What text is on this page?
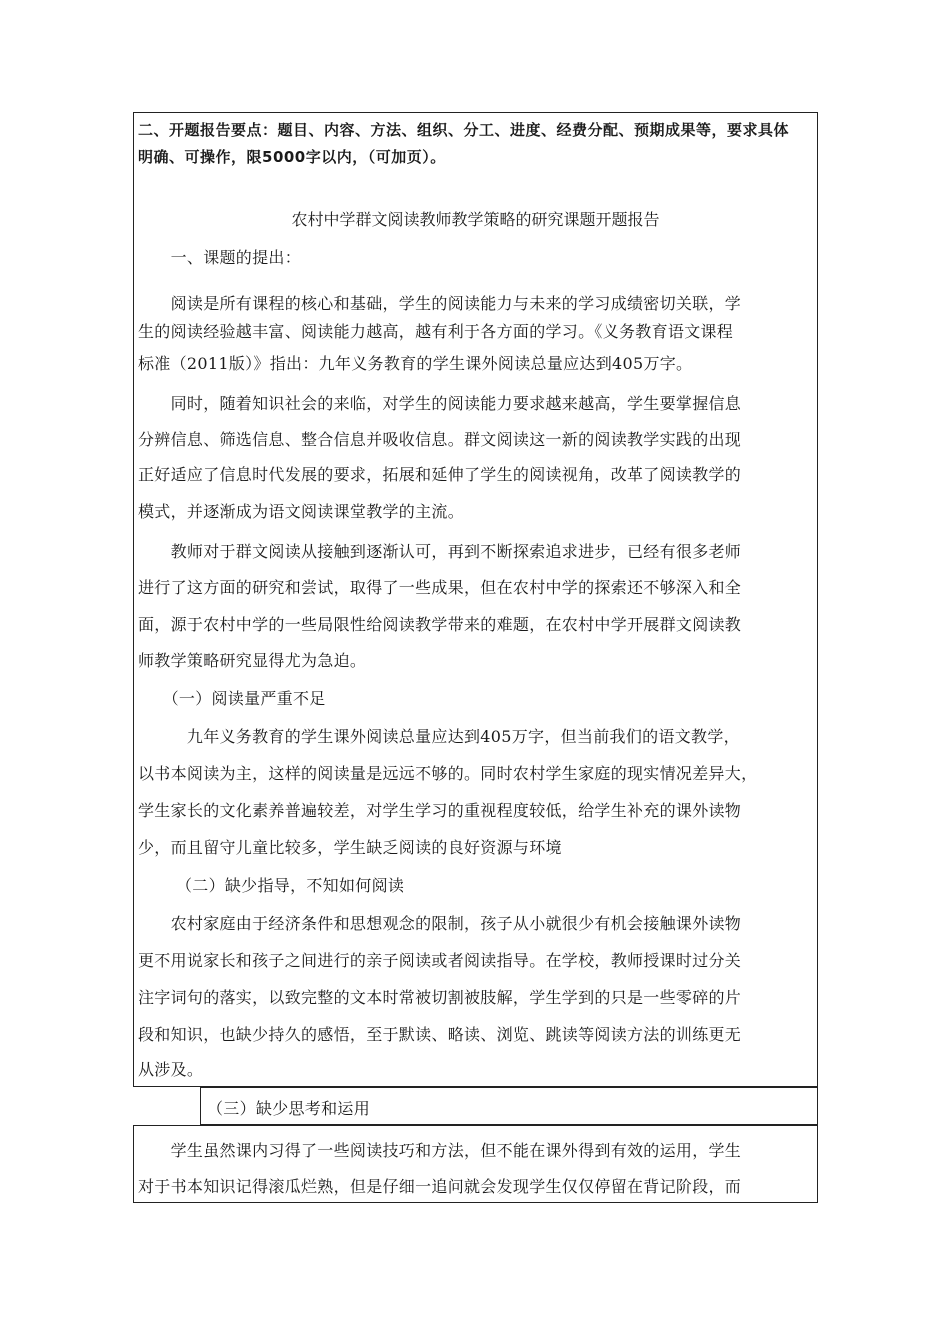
二、开题报告要点：题目、内容、方法、组织、分工、进度、经费分配、预期成果等，要求具体
明确、可操作，限5000字以内，（可加页）。
农村中学群文阅读教师教学策略的研究课题开题报告
　　一、课题的提出：
　　阅读是所有课程的核心和基础，学生的阅读能力与未来的学习成绩密切关联，学
生的阅读经验越丰富、阅读能力越高，越有利于各方面的学习。《义务教育语文课程
标准（2011版）》指出：九年义务教育的学生课外阅读总量应达到405万字。
　　同时，随着知识社会的来临，对学生的阅读能力要求越来越高，学生要掌握信息
分辨信息、筛选信息、整合信息并吸收信息。群文阅读这一新的阅读教学实践的出现
正好适应了信息时代发展的要求，拓展和延伸了学生的阅读视角，改革了阅读教学的
模式，并逐渐成为语文阅读课堂教学的主流。
　　教师对于群文阅读从接触到逐渐认可，再到不断探索追求进步，已经有很多老师
进行了这方面的研究和尝试，取得了一些成果，但在农村中学的探索还不够深入和全
面，源于农村中学的一些局限性给阅读教学带来的难题，在农村中学开展群文阅读教
师教学策略研究显得尤为急迫。
　　（一）阅读量严重不足
　　　九年义务教育的学生课外阅读总量应达到405万字，但当前我们的语文教学，
以书本阅读为主，这样的阅读量是远远不够的。同时农村学生家庭的现实情况差异大，
学生家长的文化素养普遍较差，对学生学习的重视程度较低，给学生补充的课外读物
少，而且留守儿童比较多，学生缺乏阅读的良好资源与环境
　　 （二）缺少指导，不知如何阅读
　　农村家庭由于经济条件和思想观念的限制，孩子从小就很少有机会接触课外读物
更不用说家长和孩子之间进行的亲子阅读或者阅读指导。在学校，教师授课时过分关
注字词句的落实，以致完整的文本时常被切割被肢解，学生学到的只是一些零碎的片
段和知识，也缺少持久的感悟，至于默读、略读、浏览、跳读等阅读方法的训练更无
从涉及。
（三）缺少思考和运用
　　学生虽然课内习得了一些阅读技巧和方法，但不能在课外得到有效的运用，学生
对于书本知识记得滚瓜烂熟，但是仔细一追问就会发现学生仅仅停留在背记阶段，而
